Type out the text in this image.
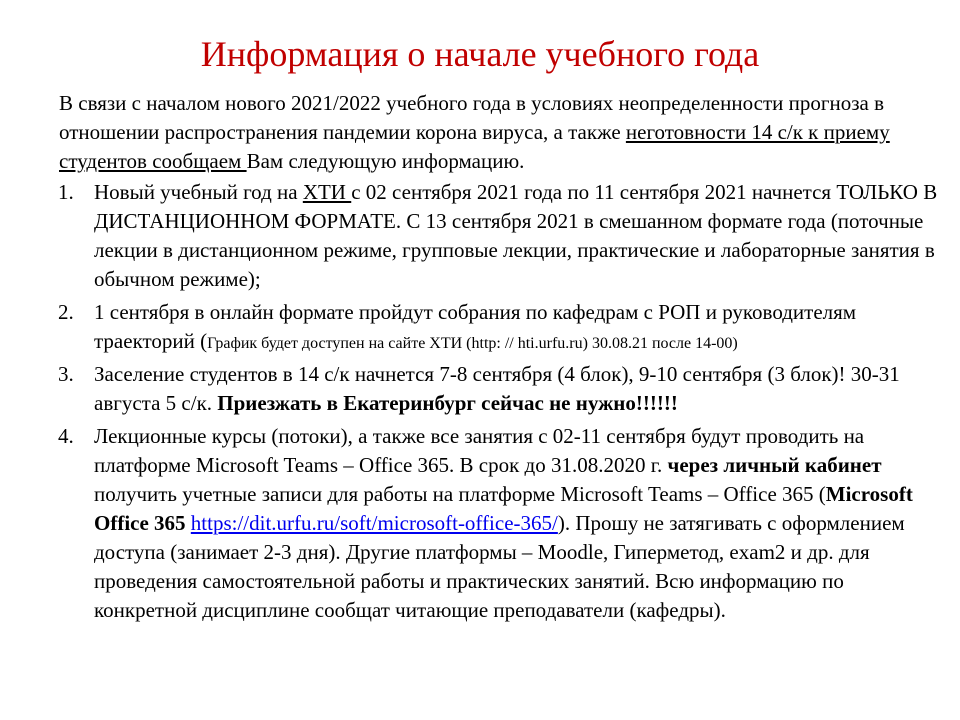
Информация о начале учебного года

В связи с началом нового 2021/2022 учебного года в условиях неопределенности прогноза в отношении распространения пандемии корона вируса, а также неготовности 14 с/к к приему студентов сообщаем Вам следующую информацию.

1. Новый учебный год на ХТИ с 02 сентября 2021 года по 11 сентября 2021 начнется ТОЛЬКО В ДИСТАНЦИОННОМ ФОРМАТЕ. С 13 сентября 2021 в смешанном формате года (поточные лекции в дистанционном режиме, групповые лекции, практические и лабораторные занятия в обычном режиме);
2. 1 сентября в онлайн формате пройдут собрания по кафедрам с РОП и руководителям траекторий (График будет доступен на сайте ХТИ (http: // hti.urfu.ru) 30.08.21 после 14-00)
3. Заселение студентов в 14 с/к начнется 7-8 сентября (4 блок), 9-10 сентября (3 блок)! 30-31 августа 5 с/к. Приезжать в Екатеринбург сейчас не нужно!!!!!!
4. Лекционные курсы (потоки), а также все занятия с 02-11 сентября будут проводить на платформе Microsoft Teams – Office 365. В срок до 31.08.2020 г. через личный кабинет получить учетные записи для работы на платформе Microsoft Teams – Office 365 (Microsoft Office 365 https://dit.urfu.ru/soft/microsoft-office-365/). Прошу не затягивать с оформлением доступа (занимает 2-3 дня). Другие платформы – Moodle, Гиперметод, exam2 и др. для проведения самостоятельной работы и практических занятий. Всю информацию по конкретной дисциплине сообщат читающие преподаватели (кафедры).
